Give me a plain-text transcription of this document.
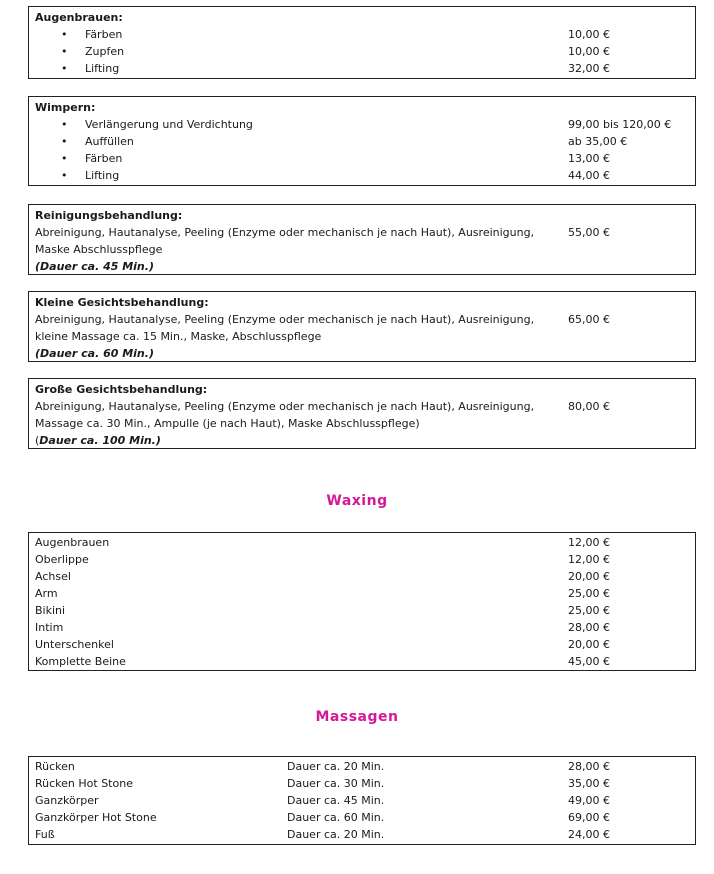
Augenbrauen:
• Färben	10,00 €
• Zupfen	10,00 €
• Lifting	32,00 €
Wimpern:
• Verlängerung und Verdichtung	99,00 bis 120,00 €
• Auffüllen	ab 35,00 €
• Färben	13,00 €
• Lifting	44,00 €
Reinigungsbehandlung:
Abreinigung, Hautanalyse, Peeling (Enzyme oder mechanisch je nach Haut), Ausreinigung,	55,00 €
Maske Abschlusspflege
(Dauer ca. 45 Min.)
Kleine Gesichtsbehandlung:
Abreinigung, Hautanalyse, Peeling (Enzyme oder mechanisch je nach Haut), Ausreinigung,	65,00 €
kleine Massage ca. 15 Min., Maske, Abschlusspflege
(Dauer ca. 60 Min.)
Große Gesichtsbehandlung:
Abreinigung, Hautanalyse, Peeling (Enzyme oder mechanisch je nach Haut), Ausreinigung,	80,00 €
Massage ca. 30 Min., Ampulle (je nach Haut), Maske Abschlusspflege)
(Dauer ca. 100 Min.)
Waxing
Augenbrauen	12,00 €
Oberlippe	12,00 €
Achsel	20,00 €
Arm	25,00 €
Bikini	25,00 €
Intim	28,00 €
Unterschenkel	20,00 €
Komplette Beine	45,00 €
Massagen
Rücken	Dauer ca. 20 Min.	28,00 €
Rücken Hot Stone	Dauer ca. 30 Min.	35,00 €
Ganzkörper	Dauer ca. 45 Min.	49,00 €
Ganzkörper Hot Stone	Dauer ca. 60 Min.	69,00 €
Fuß	Dauer ca. 20 Min.	24,00 €
